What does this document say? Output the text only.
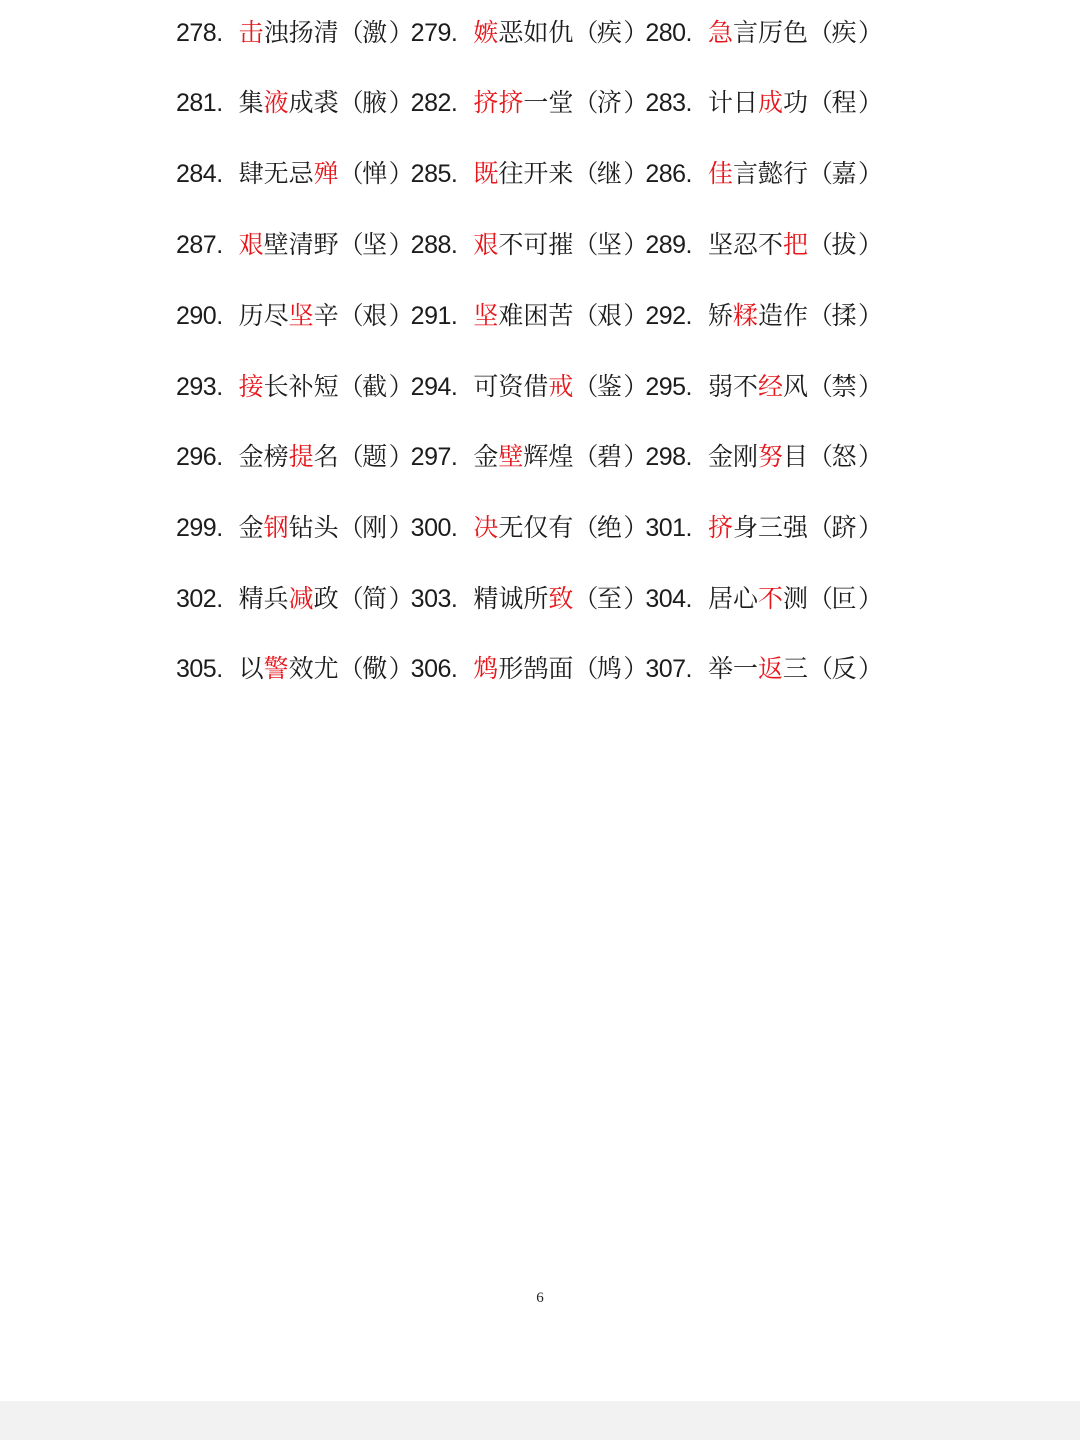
278. 击浊扬清（激）279. 嫉恶如仇（疾）280. 急言厉色（疾）
281. 集液成裘（腋）282. 挤挤一堂（济）283. 计日成功（程）
284. 肆无忌殚（惮）285. 既往开来（继）286. 佳言懿行（嘉）
287. 艰壁清野（坚）288. 艰不可摧（坚）289. 坚忍不把（拔）
290. 历尽坚辛（艰）291. 坚难困苦（艰）292. 矫糅造作（揉）
293. 接长补短（截）294. 可资借戒（鉴）295. 弱不经风（禁）
296. 金榜提名（题）297. 金壁辉煌（碧）298. 金刚努目（怒）
299. 金钢钻头（刚）300. 决无仅有（绝）301. 挤身三强（跻）
302. 精兵减政（简）303. 精诚所致（至）304. 居心不测（叵）
305. 以警效尤（儆）306. 鸩形鹄面（鸠）307. 举一返三（反）
6
